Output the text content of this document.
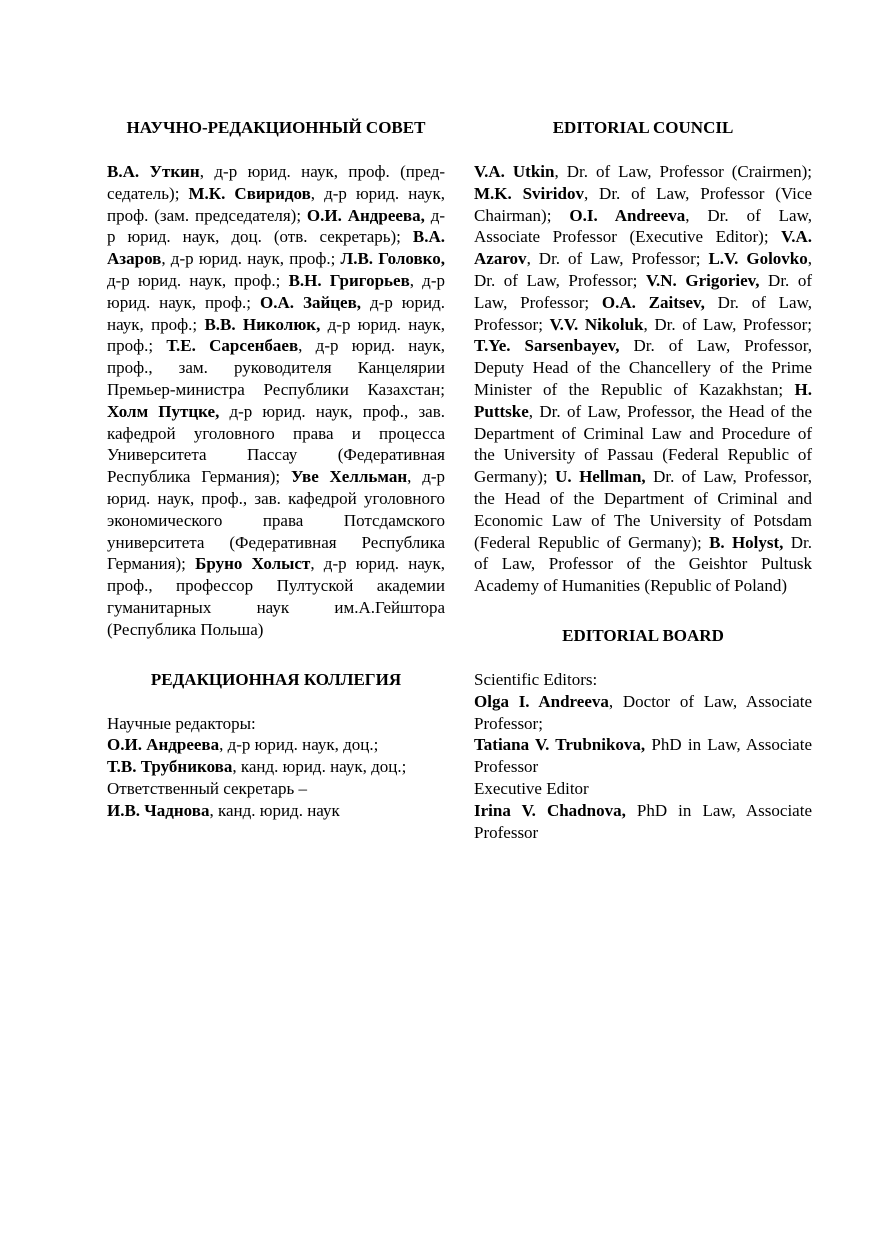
НАУЧНО-РЕДАКЦИОННЫЙ СОВЕТ

В.А. Уткин, д-р юрид. наук, проф. (председатель); М.К. Свиридов, д-р юрид. наук, проф. (зам. председателя); О.И. Андреева, д-р юрид. наук, доц. (отв. секретарь); В.А. Азаров, д-р юрид. наук, проф.; Л.В. Головко, д-р юрид. наук, проф.; В.Н. Григорьев, д-р юрид. наук, проф.; О.А. Зайцев, д-р юрид. наук, проф.; В.В. Николюк, д-р юрид. наук, проф.; Т.Е. Сарсенбаев, д-р юрид. наук, проф., зам. руководителя Канцелярии Премьер-министра Республики Казахстан; Холм Путцке, д-р юрид. наук, проф., зав. кафедрой уголовного права и процесса Университета Пассау (Федеративная Республика Германия); Уве Хелльман, д-р юрид. наук, проф., зав. кафедрой уголовного экономического права Потсдамского университета (Федеративная Республика Германия); Бруно Холыст, д-р юрид. наук, проф., профессор Пултуской академии гуманитарных наук им.А.Гейштора (Республика Польша)

РЕДАКЦИОННАЯ КОЛЛЕГИЯ

Научные редакторы:

О.И. Андреева, д-р юрид. наук, доц.;

Т.В. Трубникова, канд. юрид. наук, доц.;

Ответственный секретарь –

И.В. Чаднова, канд. юрид. наук

EDITORIAL COUNCIL

V.A. Utkin, Dr. of Law, Professor (Crairmen); M.K. Sviridov, Dr. of Law, Professor (Vice Chairman); O.I. Andreeva, Dr. of Law, Associate Professor (Executive Editor); V.A. Azarov, Dr. of Law, Professor; L.V. Golovko, Dr. of Law, Professor; V.N. Grigoriev, Dr. of Law, Professor; O.A. Zaitsev, Dr. of Law, Professor; V.V. Nikoluk, Dr. of Law, Professor; T.Ye. Sarsenbayev, Dr. of Law, Professor, Deputy Head of the Chancellery of the Prime Minister of the Republic of Kazakhstan; H. Puttske, Dr. of Law, Professor, the Head of the Department of Criminal Law and Procedure of the University of Passau (Federal Republic of Germany); U. Hellman, Dr. of Law, Professor, the Head of the Department of Criminal and Economic Law of The University of Potsdam (Federal Republic of Germany); B. Holyst, Dr. of Law, Professor of the Geishtor Pultusk Academy of Humanities (Republic of Poland)

EDITORIAL BOARD

Scientific Editors:

Olga I. Andreeva, Doctor of Law, Associate Professor;

Tatiana V. Trubnikova, PhD in Law, Associate Professor

Executive Editor

Irina V. Chadnova, PhD in Law, Associate Professor
